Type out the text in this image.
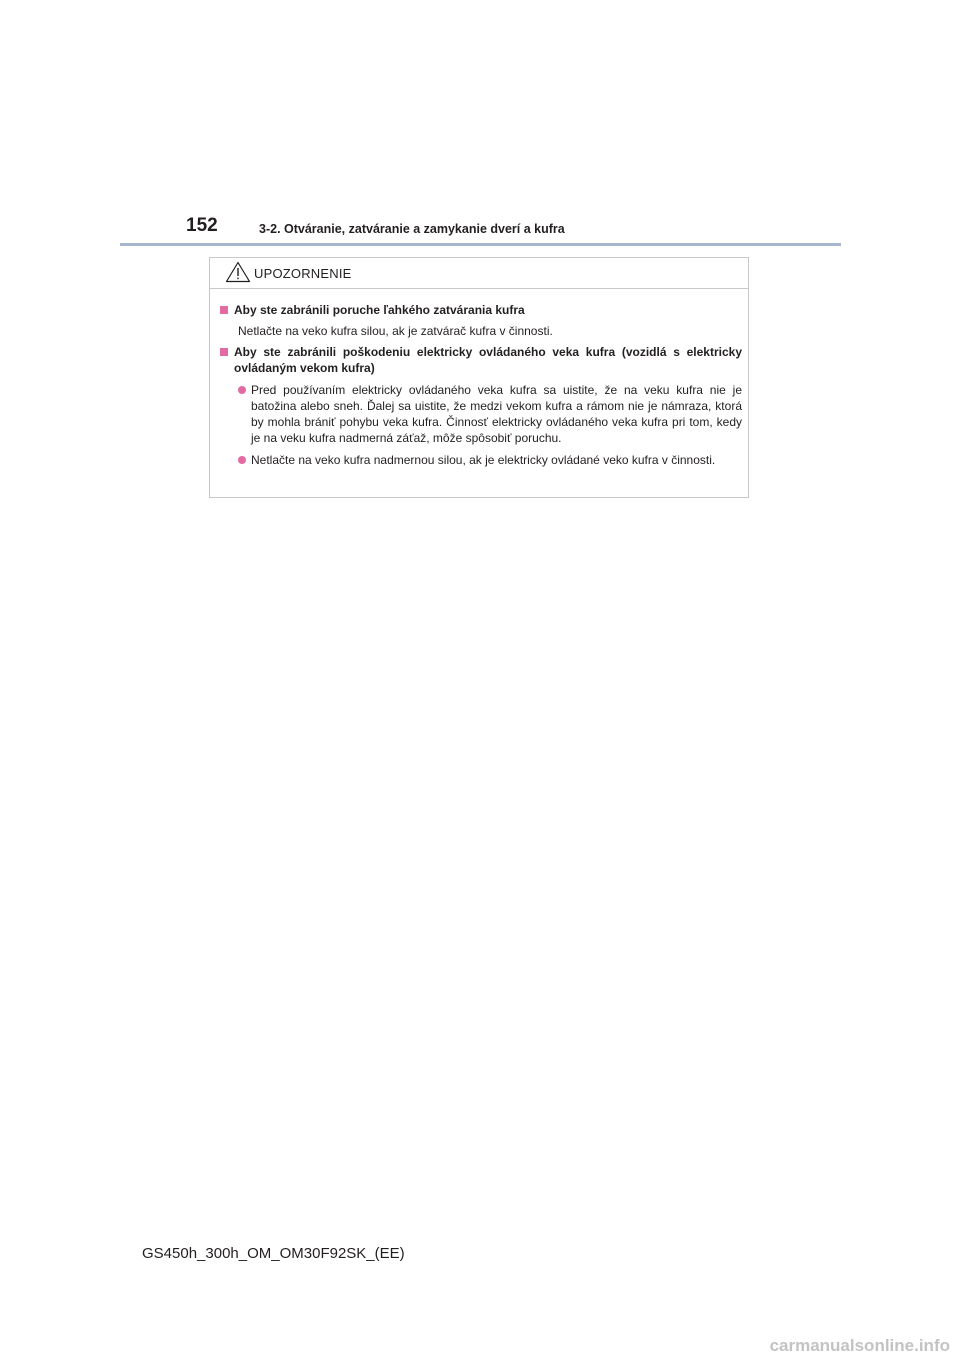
152	3-2. Otváranie, zatváranie a zamykanie dverí a kufra
UPOZORNENIE
Aby ste zabránili poruche ľahkého zatvárania kufra
Netlačte na veko kufra silou, ak je zatvárač kufra v činnosti.
Aby ste zabránili poškodeniu elektricky ovládaného veka kufra (vozidlá s elektricky ovládaným vekom kufra)
Pred používaním elektricky ovládaného veka kufra sa uistite, že na veku kufra nie je batožina alebo sneh. Ďalej sa uistite, že medzi vekom kufra a rámom nie je námraza, ktorá by mohla brániť pohybu veka kufra. Činnosť elektricky ovládaného veka kufra pri tom, kedy je na veku kufra nadmerná záťaž, môže spôsobiť poruchu.
Netlačte na veko kufra nadmernou silou, ak je elektricky ovládané veko kufra v činnosti.
GS450h_300h_OM_OM30F92SK_(EE)
carmanualsonline.info
